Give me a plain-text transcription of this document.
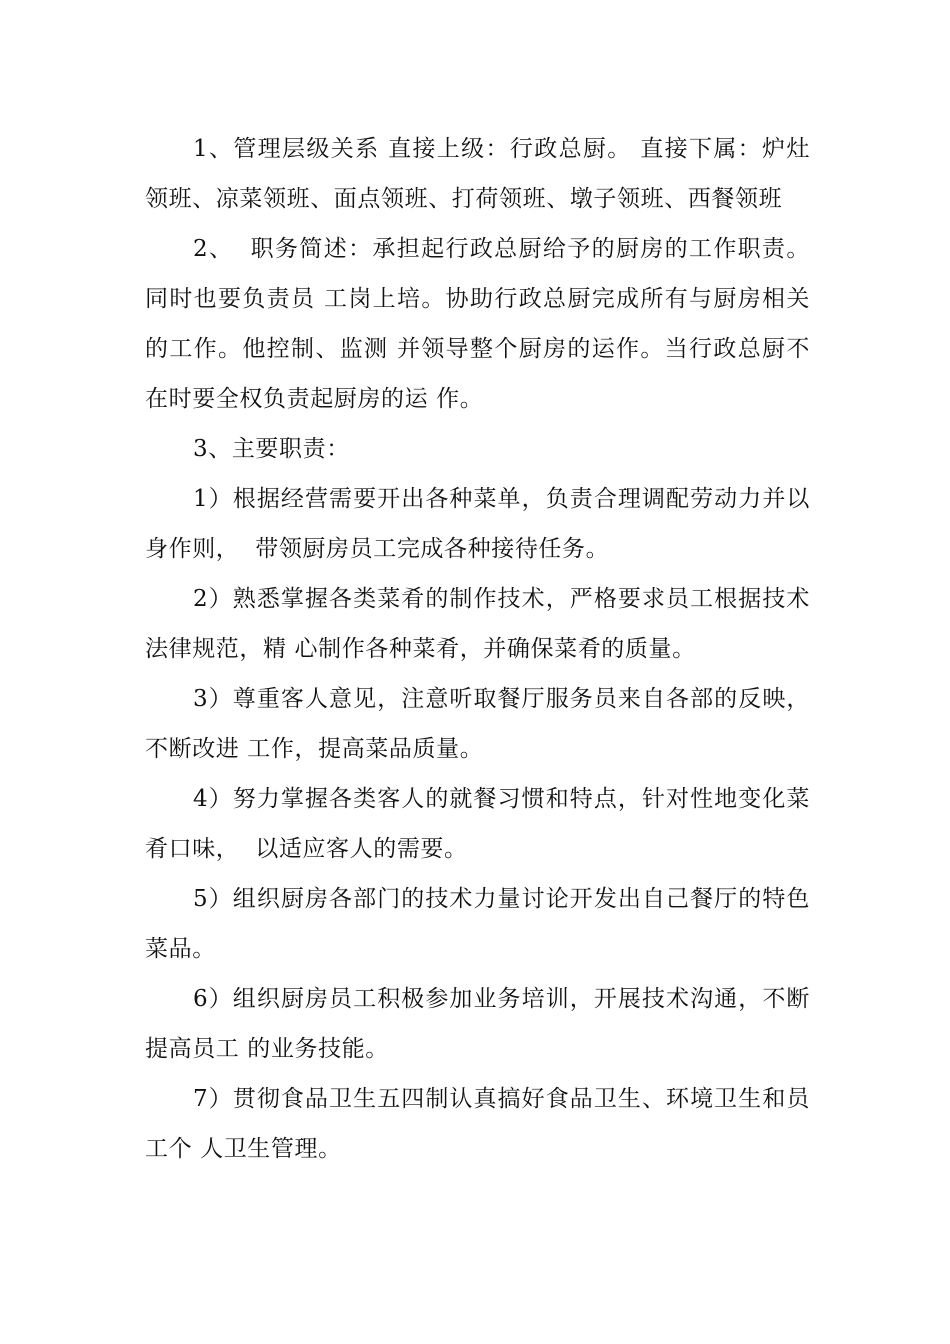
1、管理层级关系 直接上级：行政总厨。 直接下属：炉灶领班、凉菜领班、面点领班、打荷领班、墩子领班、西餐领班

2、  职务简述：承担起行政总厨给予的厨房的工作职责。同时也要负责员 工岗上培。协助行政总厨完成所有与厨房相关的工作。他控制、监测 并领导整个厨房的运作。当行政总厨不在时要全权负责起厨房的运 作。

3、主要职责：

1）根据经营需要开出各种菜单，负责合理调配劳动力并以身作则，  带领厨房员工完成各种接待任务。

2）熟悉掌握各类菜肴的制作技术，严格要求员工根据技术法律规范，精 心制作各种菜肴，并确保菜肴的质量。

3）尊重客人意见，注意听取餐厅服务员来自各部的反映，不断改进 工作，提高菜品质量。

4）努力掌握各类客人的就餐习惯和特点，针对性地变化菜肴口味，  以适应客人的需要。

5）组织厨房各部门的技术力量讨论开发出自己餐厅的特色菜品。

6）组织厨房员工积极参加业务培训，开展技术沟通，不断提高员工 的业务技能。

7）贯彻食品卫生五四制认真搞好食品卫生、环境卫生和员工个 人卫生管理。
